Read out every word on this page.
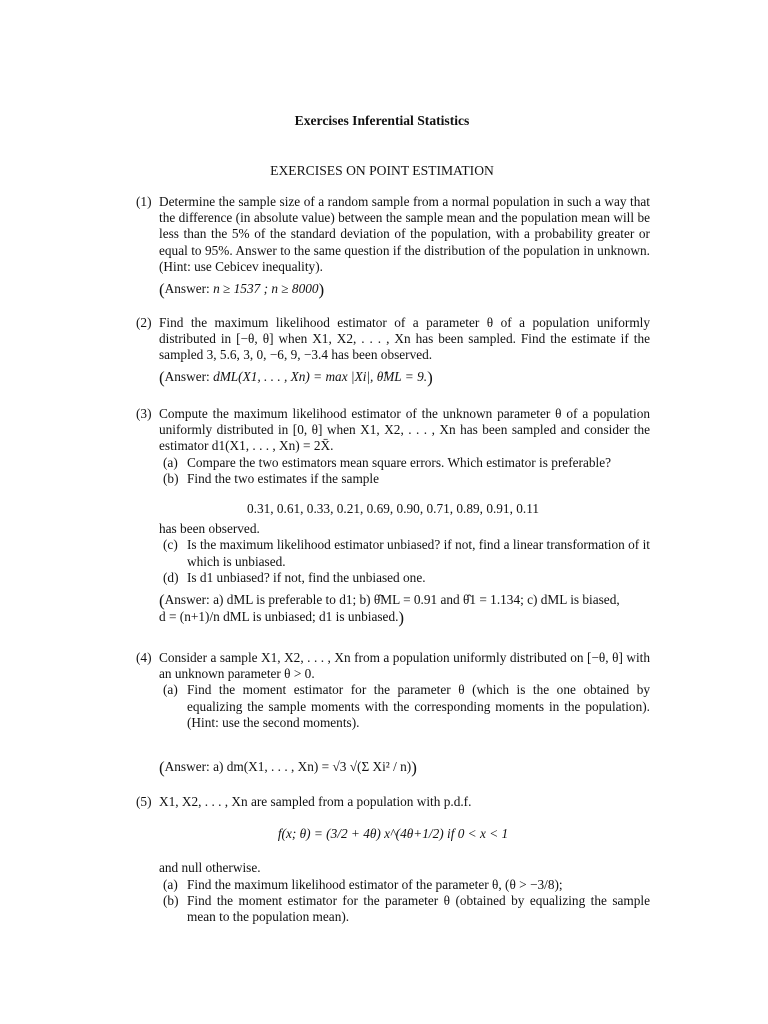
Exercises Inferential Statistics
EXERCISES ON POINT ESTIMATION
(1) Determine the sample size of a random sample from a normal population in such a way that the difference (in absolute value) between the sample mean and the population mean will be less than the 5% of the standard deviation of the population, with a probability greater or equal to 95%. Answer to the same question if the distribution of the population in unknown. (Hint: use Cebicev inequality).
(Answer: n ≥ 1537 ; n ≥ 8000)
(2) Find the maximum likelihood estimator of a parameter θ of a population uniformly distributed in [−θ, θ] when X1, X2, . . . , Xn has been sampled. Find the estimate if the sampled 3, 5.6, 3, 0, −6, 9, −3.4 has been observed.
(Answer: dML(X1, . . . , Xn) = max |Xi|, θ̂ML = 9.)
(3) Compute the maximum likelihood estimator of the unknown parameter θ of a population uniformly distributed in [0, θ] when X1, X2, . . . , Xn has been sampled and consider the estimator d1(X1, . . . , Xn) = 2X̄.
(a) Compare the two estimators mean square errors. Which estimator is preferable?
(b) Find the two estimates if the sample
0.31, 0.61, 0.33, 0.21, 0.69, 0.90, 0.71, 0.89, 0.91, 0.11
has been observed.
(c) Is the maximum likelihood estimator unbiased? if not, find a linear transformation of it which is unbiased.
(d) Is d1 unbiased? if not, find the unbiased one.
(Answer: a) dML is preferable to d1; b) θ̂ML = 0.91 and θ̂1 = 1.134; c) dML is biased,
d = (n+1)/n dML is unbiased; d1 is unbiased.)
(4) Consider a sample X1, X2, . . . , Xn from a population uniformly distributed on [−θ, θ] with an unknown parameter θ > 0.
(a) Find the moment estimator for the parameter θ (which is the one obtained by equalizing the sample moments with the corresponding moments in the population). (Hint: use the second moments).
(Answer: a) dm(X1, . . . , Xn) = √3 √(Σ Xi² / n))
(5) X1, X2, . . . , Xn are sampled from a population with p.d.f.
f(x; θ) = (3/2 + 4θ) x^(4θ+1/2) if 0 < x < 1
and null otherwise.
(a) Find the maximum likelihood estimator of the parameter θ, (θ > −3/8);
(b) Find the moment estimator for the parameter θ (obtained by equalizing the sample mean to the population mean).
